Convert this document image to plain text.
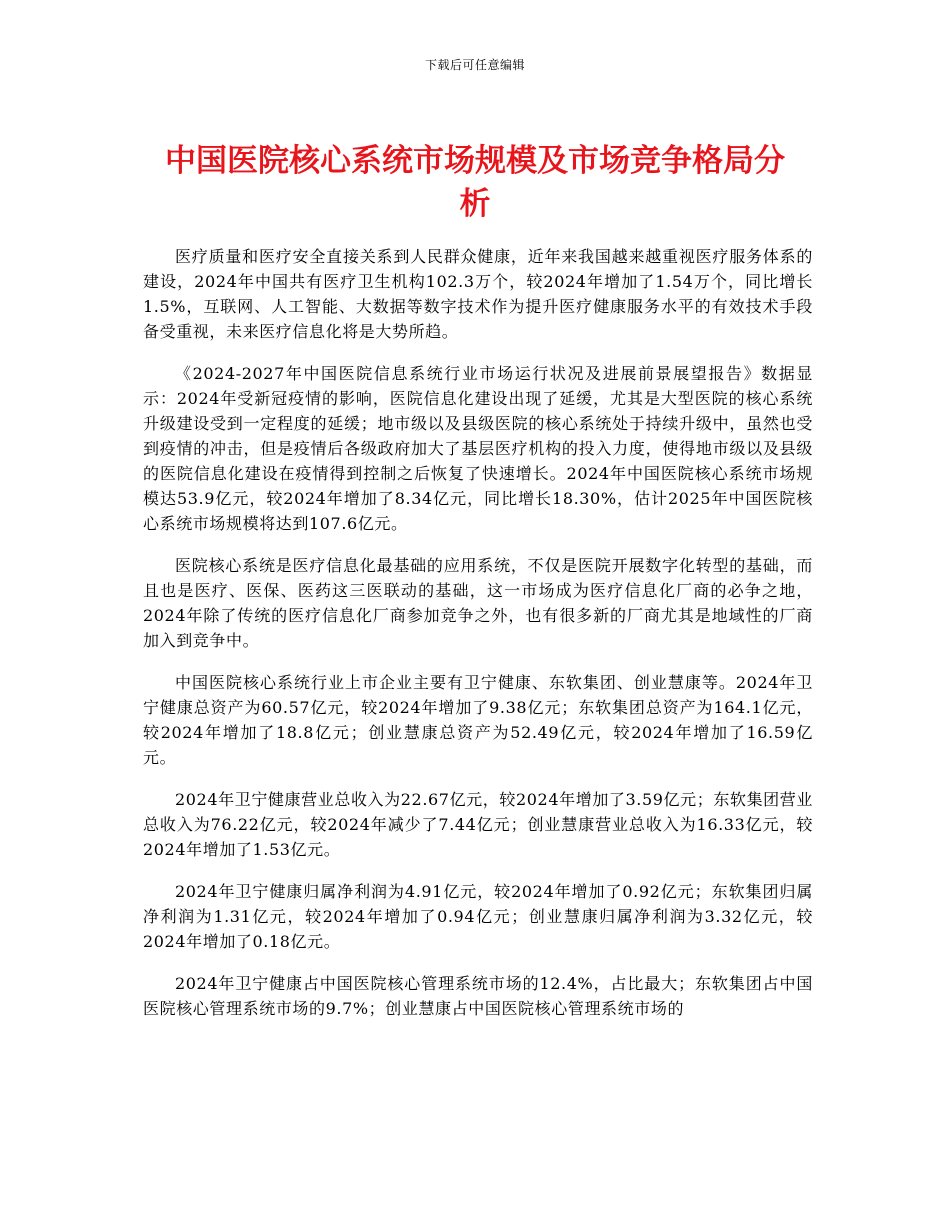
下载后可任意编辑
中国医院核心系统市场规模及市场竞争格局分析

医疗质量和医疗安全直接关系到人民群众健康，近年来我国越来越重视医疗服务体系的建设，2024年中国共有医疗卫生机构102.3万个，较2024年增加了1.54万个，同比增长1.5%，互联网、人工智能、大数据等数字技术作为提升医疗健康服务水平的有效技术手段备受重视，未来医疗信息化将是大势所趋。

《2024-2027年中国医院信息系统行业市场运行状况及进展前景展望报告》数据显示：2024年受新冠疫情的影响，医院信息化建设出现了延缓，尤其是大型医院的核心系统升级建设受到一定程度的延缓；地市级以及县级医院的核心系统处于持续升级中，虽然也受到疫情的冲击，但是疫情后各级政府加大了基层医疗机构的投入力度，使得地市级以及县级的医院信息化建设在疫情得到控制之后恢复了快速增长。2024年中国医院核心系统市场规模达53.9亿元，较2024年增加了8.34亿元，同比增长18.30%，估计2025年中国医院核心系统市场规模将达到107.6亿元。

医院核心系统是医疗信息化最基础的应用系统，不仅是医院开展数字化转型的基础，而且也是医疗、医保、医药这三医联动的基础，这一市场成为医疗信息化厂商的必争之地，2024年除了传统的医疗信息化厂商参加竞争之外，也有很多新的厂商尤其是地域性的厂商加入到竞争中。

中国医院核心系统行业上市企业主要有卫宁健康、东软集团、创业慧康等。2024年卫宁健康总资产为60.57亿元，较2024年增加了9.38亿元；东软集团总资产为164.1亿元，较2024年增加了18.8亿元；创业慧康总资产为52.49亿元，较2024年增加了16.59亿元。

2024年卫宁健康营业总收入为22.67亿元，较2024年增加了3.59亿元；东软集团营业总收入为76.22亿元，较2024年减少了7.44亿元；创业慧康营业总收入为16.33亿元，较2024年增加了1.53亿元。

2024年卫宁健康归属净利润为4.91亿元，较2024年增加了0.92亿元；东软集团归属净利润为1.31亿元，较2024年增加了0.94亿元；创业慧康归属净利润为3.32亿元，较2024年增加了0.18亿元。

2024年卫宁健康占中国医院核心管理系统市场的12.4%，占比最大；东软集团占中国医院核心管理系统市场的9.7%；创业慧康占中国医院核心管理系统市场的
